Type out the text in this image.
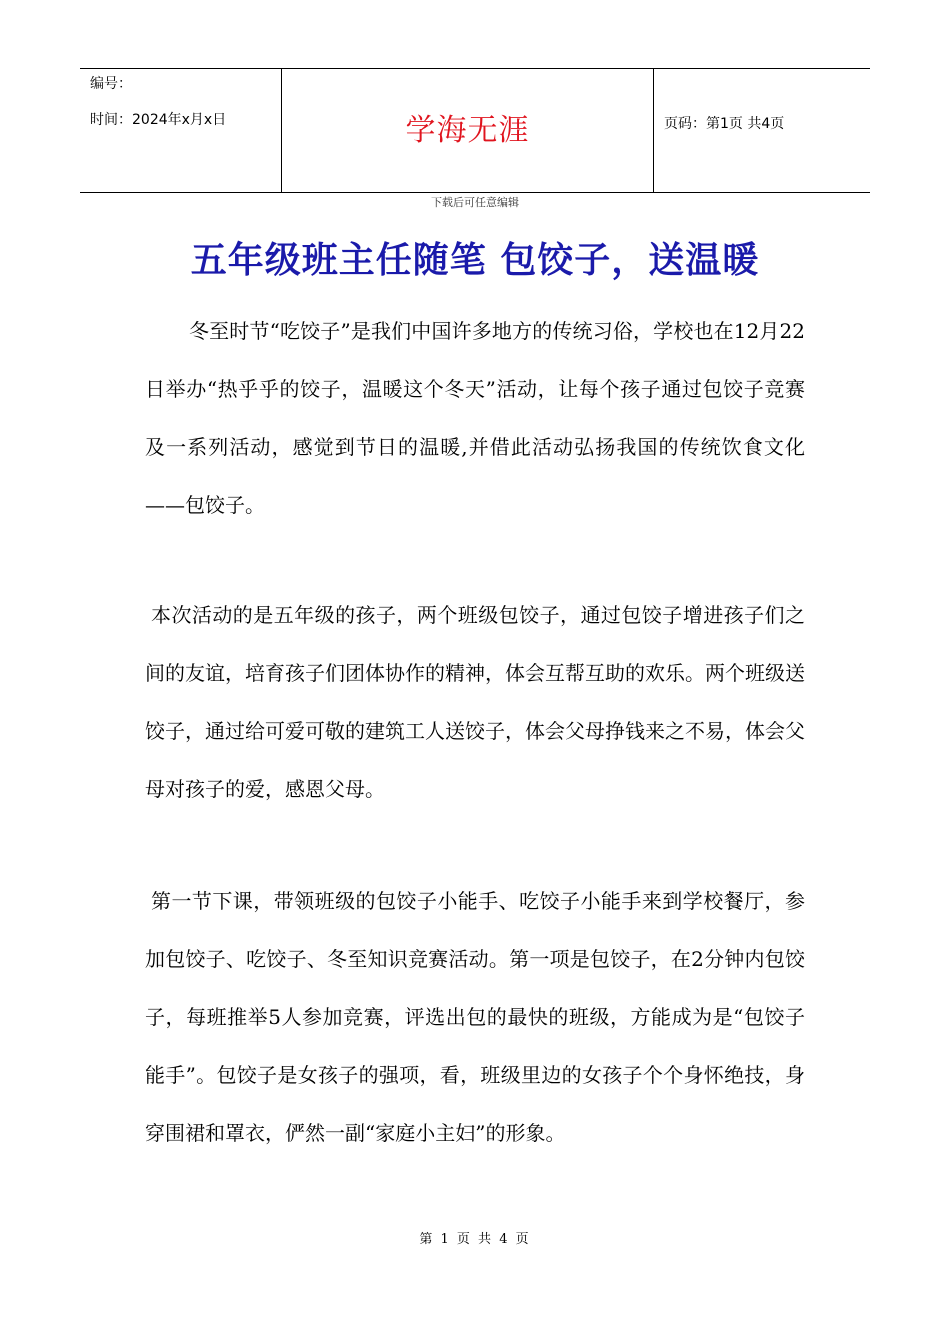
编号：
时间：2024年x月x日	学海无涯	页码：第1页 共4页
下载后可任意编辑
五年级班主任随笔 包饺子，送温暖

冬至时节“吃饺子”是我们中国许多地方的传统习俗，学校也在12月22日举办“热乎乎的饺子，温暖这个冬天”活动，让每个孩子通过包饺子竞赛及一系列活动，感觉到节日的温暖,并借此活动弘扬我国的传统饮食文化——包饺子。

本次活动的是五年级的孩子，两个班级包饺子，通过包饺子增进孩子们之间的友谊，培育孩子们团体协作的精神，体会互帮互助的欢乐。两个班级送饺子，通过给可爱可敬的建筑工人送饺子，体会父母挣钱来之不易，体会父母对孩子的爱，感恩父母。

第一节下课，带领班级的包饺子小能手、吃饺子小能手来到学校餐厅，参加包饺子、吃饺子、冬至知识竞赛活动。第一项是包饺子，在2分钟内包饺子，每班推举5人参加竞赛，评选出包的最快的班级，方能成为是“包饺子能手”。包饺子是女孩子的强项，看，班级里边的女孩子个个身怀绝技，身穿围裙和罩衣，俨然一副“家庭小主妇”的形象。

第 1 页 共 4 页
